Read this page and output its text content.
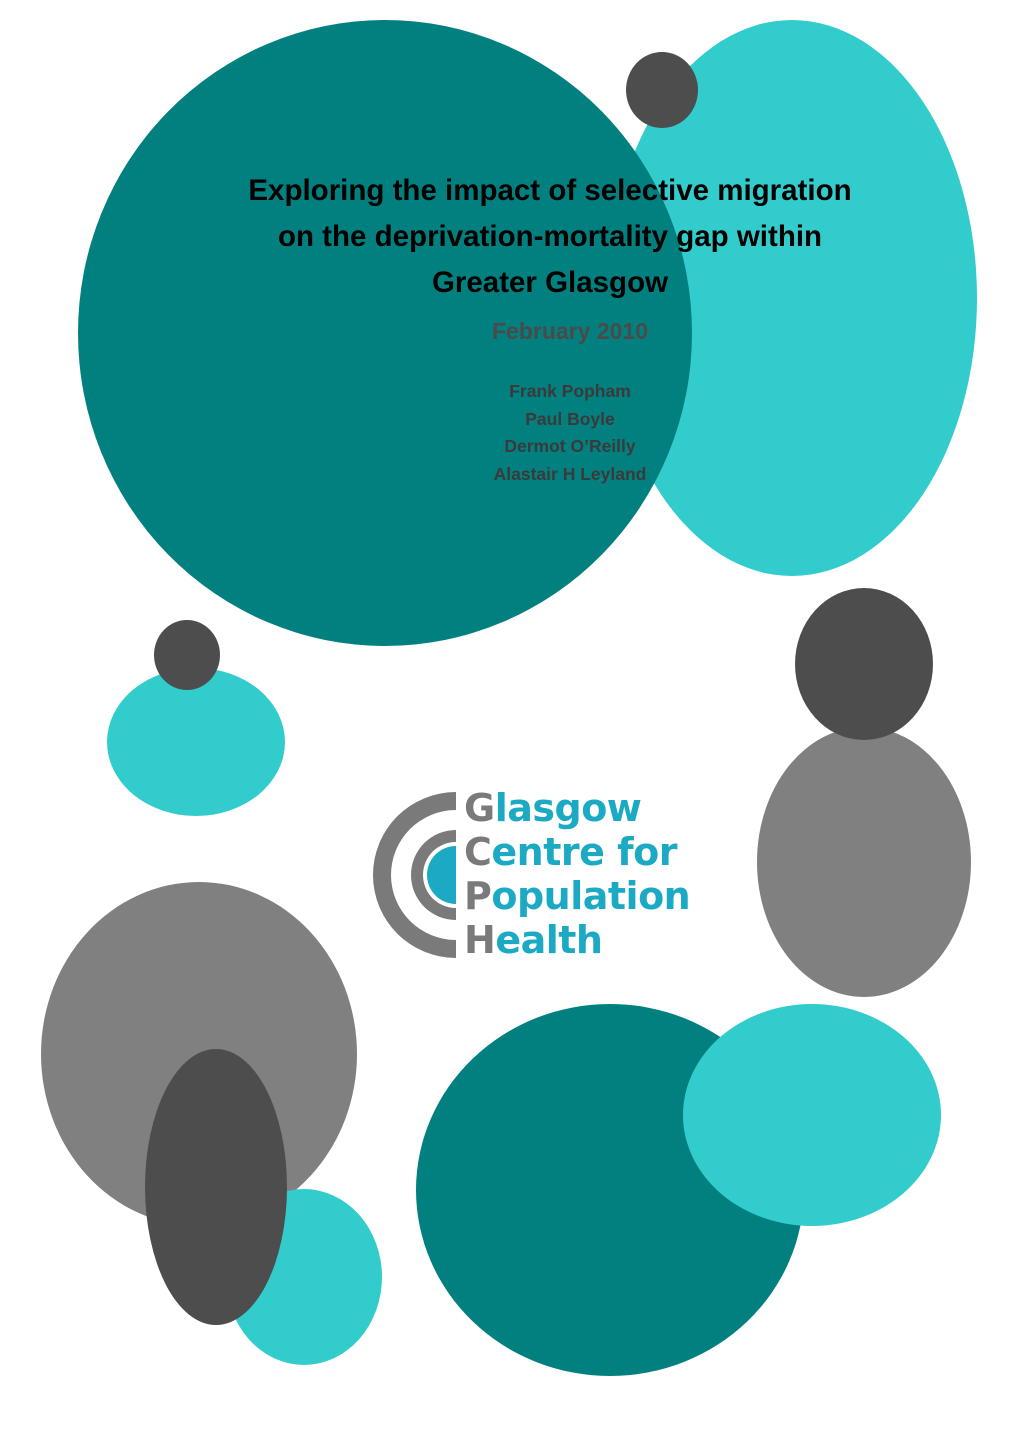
Exploring the impact of selective migration

on the deprivation-mortality gap within

Greater Glasgow

February 2010
Frank Popham
Paul Boyle
Dermot O’Reilly
Alastair H Leyland
Glasgow
Centre for
Population
Health
